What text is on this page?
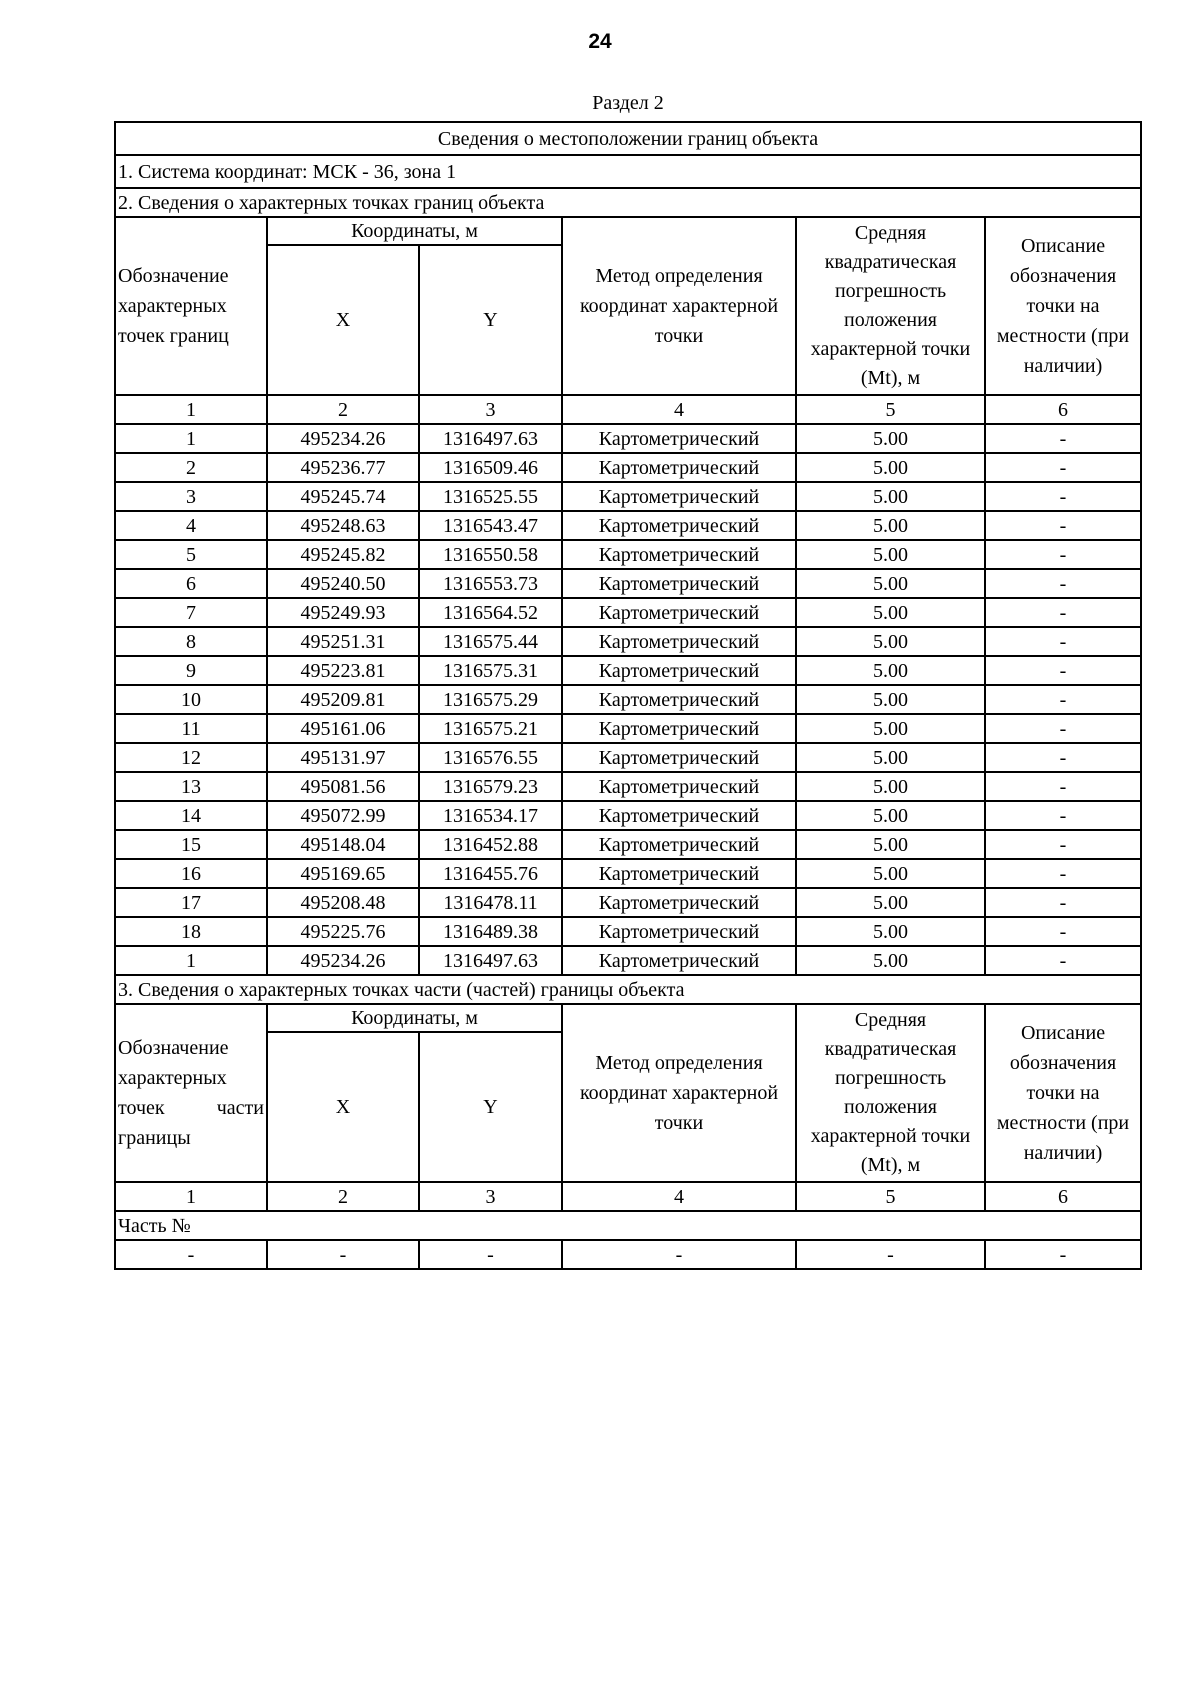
24
Раздел 2
Сведения о местоположении границ объекта					
1. Система координат: МСК - 36, зона 1					
2. Сведения о характерных точках границ объекта					
Обозначение характерных точек границ	Координаты, м		Метод определения координат характерной точки	Средняя квадратическая погрешность положения характерной точки (Mt), м	Описание обозначения точки на местности (при наличии)
	X	Y			
1	2	3	4	5	6
1	495234.26	1316497.63	Картометрический	5.00	-
2	495236.77	1316509.46	Картометрический	5.00	-
3	495245.74	1316525.55	Картометрический	5.00	-
4	495248.63	1316543.47	Картометрический	5.00	-
5	495245.82	1316550.58	Картометрический	5.00	-
6	495240.50	1316553.73	Картометрический	5.00	-
7	495249.93	1316564.52	Картометрический	5.00	-
8	495251.31	1316575.44	Картометрический	5.00	-
9	495223.81	1316575.31	Картометрический	5.00	-
10	495209.81	1316575.29	Картометрический	5.00	-
11	495161.06	1316575.21	Картометрический	5.00	-
12	495131.97	1316576.55	Картометрический	5.00	-
13	495081.56	1316579.23	Картометрический	5.00	-
14	495072.99	1316534.17	Картометрический	5.00	-
15	495148.04	1316452.88	Картометрический	5.00	-
16	495169.65	1316455.76	Картометрический	5.00	-
17	495208.48	1316478.11	Картометрический	5.00	-
18	495225.76	1316489.38	Картометрический	5.00	-
1	495234.26	1316497.63	Картометрический	5.00	-
3. Сведения о характерных точках части (частей) границы объекта					
Обозначение характерных точек части границы	Координаты, м		Метод определения координат характерной точки	Средняя квадратическая погрешность положения характерной точки (Mt), м	Описание обозначения точки на местности (при наличии)
	X	Y			
1	2	3	4	5	6
Часть №					
-	-	-	-	-	-
